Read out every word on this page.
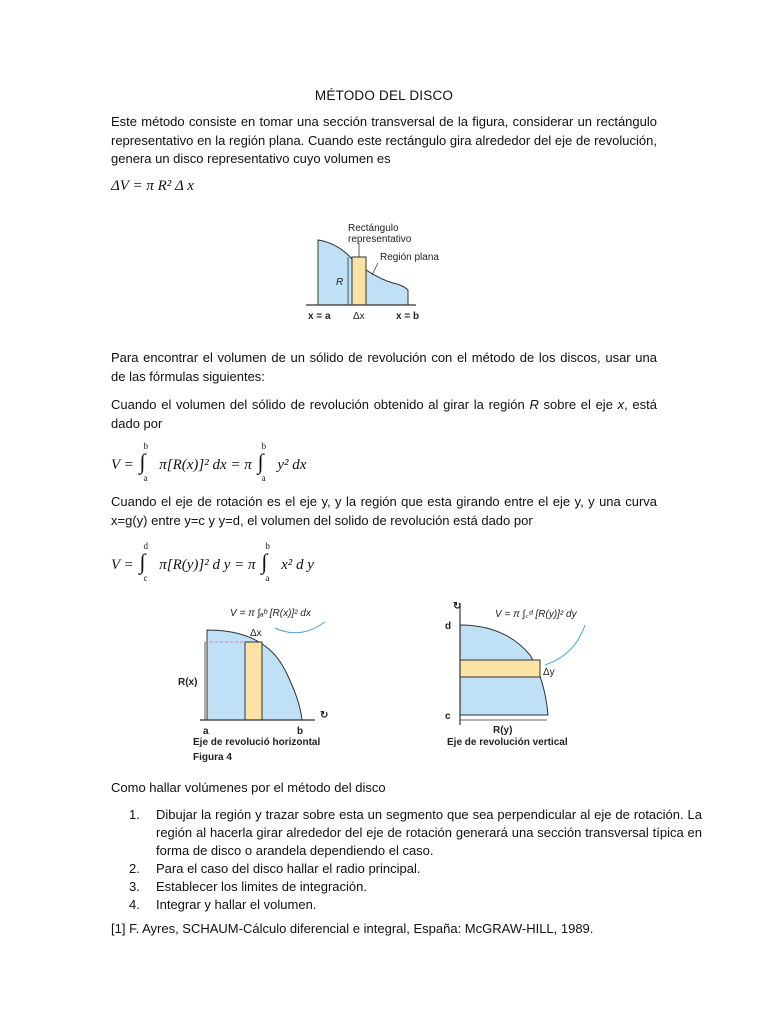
MÉTODO DEL DISCO
Este método consiste en tomar una sección transversal de la figura, considerar un rectángulo representativo en la región plana. Cuando este rectángulo gira alrededor del eje de revolución, genera un disco representativo cuyo volumen es
ΔV = π R² Δ x
Rectángulo
representativo
Región plana
R
Δx
x = a	x = b
Para encontrar el volumen de un sólido de revolución con el método de los discos, usar una de las fórmulas siguientes:
Cuando el volumen del sólido de revolución obtenido al girar la región R sobre el eje x, está dado por
V = ∫
b
a
π[R(x)]² dx = π ∫
b
a
y² dx
Cuando el eje de rotación es el eje y, y la región que esta girando entre el eje y, y una curva x=g(y) entre y=c y y=d, el volumen del solido de revolución está dado por
V = ∫
d
c
π[R(y)]² d y = π ∫
b
a
x² d y
V = π ∫ₐᵇ [R(x)]² dx
Δx
R(x)
a	b
↻
Eje de revolució horizontal
Figura 4
V = π ∫꜀ᵈ [R(y)]² dy
Δy
d
c
R(y)
↻
Eje de revolución vertical
Como hallar volúmenes por el método del disco
1. Dibujar la región y trazar sobre esta un segmento que sea perpendicular al eje de rotación. La región al hacerla girar alrededor del eje de rotación generará una sección transversal típica en forma de disco o arandela dependiendo el caso.
2. Para el caso del disco hallar el radio principal.
3. Establecer los limites de integración.
4. Integrar y hallar el volumen.
[1] F. Ayres, SCHAUM-Cálculo diferencial e integral, España: McGRAW-HILL, 1989.
